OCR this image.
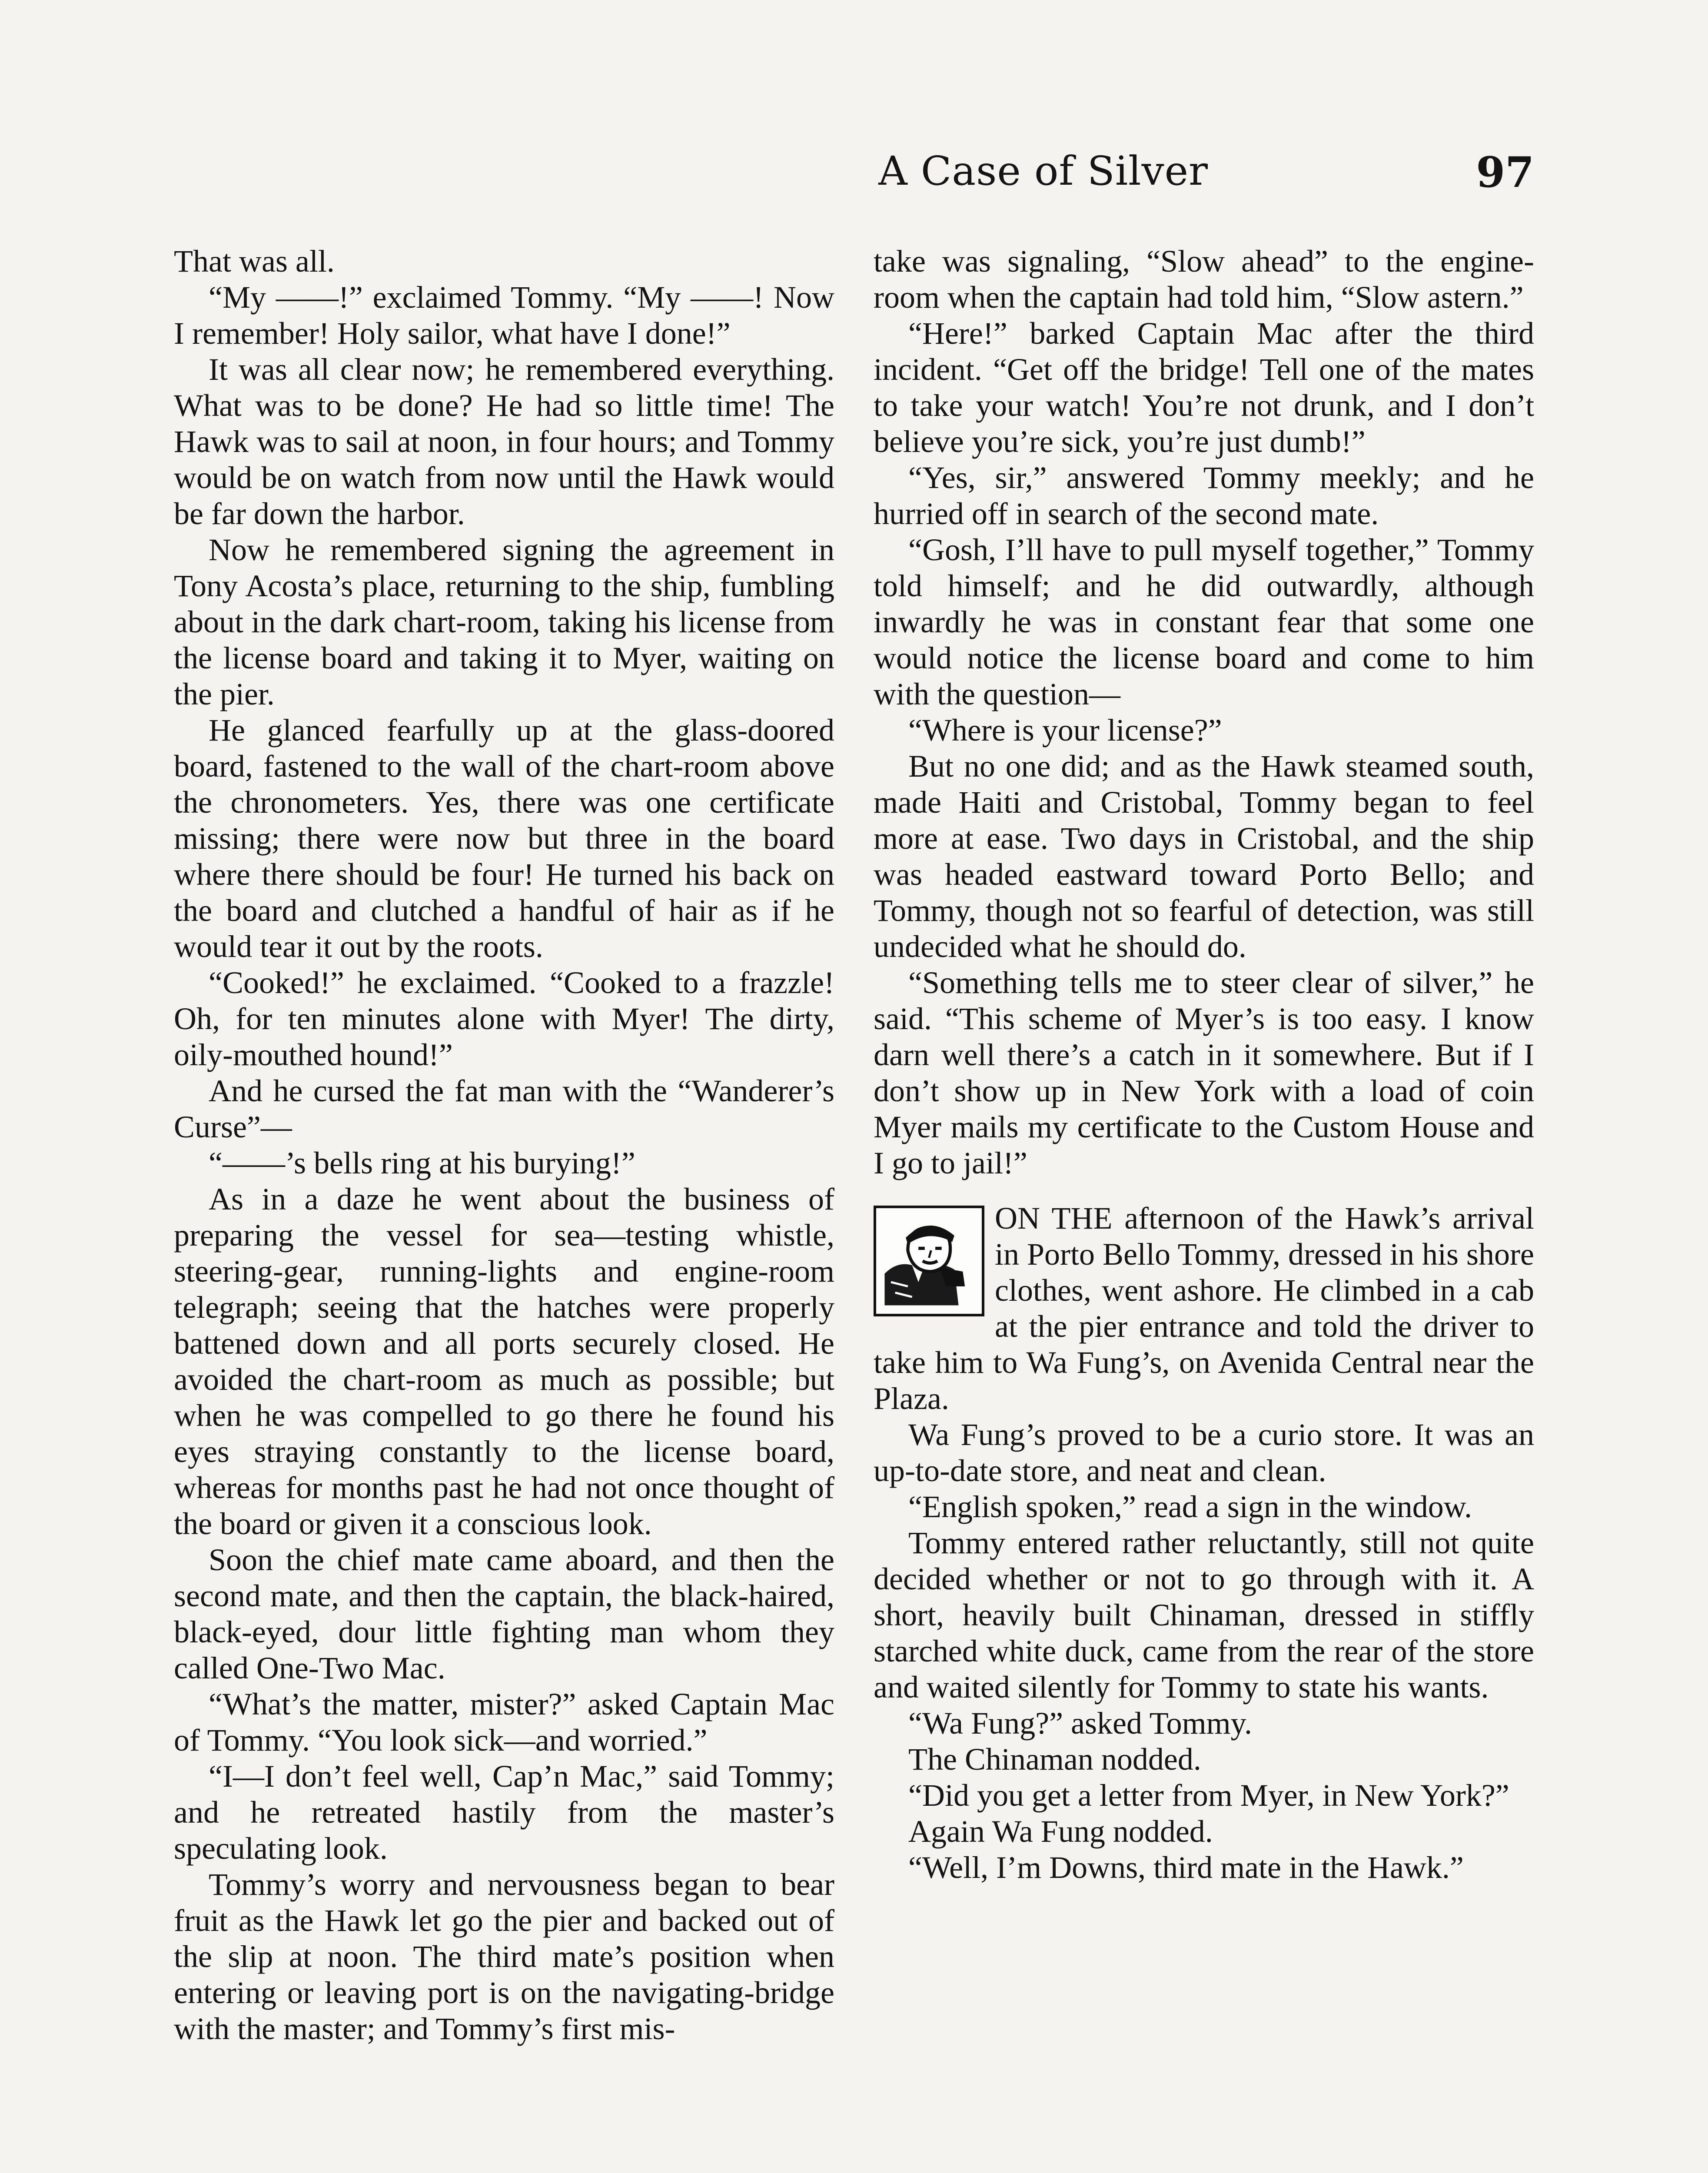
A Case of Silver	97

That was all.

“My ——!” exclaimed Tommy. “My ——! Now I remember! Holy sailor, what have I done!”

It was all clear now; he remembered everything. What was to be done? He had so little time! The Hawk was to sail at noon, in four hours; and Tommy would be on watch from now until the Hawk would be far down the harbor.

Now he remembered signing the agreement in Tony Acosta’s place, returning to the ship, fumbling about in the dark chart-room, taking his license from the license board and taking it to Myer, waiting on the pier.

He glanced fearfully up at the glass-doored board, fastened to the wall of the chart-room above the chronometers. Yes, there was one certificate missing; there were now but three in the board where there should be four! He turned his back on the board and clutched a handful of hair as if he would tear it out by the roots.

“Cooked!” he exclaimed. “Cooked to a frazzle! Oh, for ten minutes alone with Myer! The dirty, oily-mouthed hound!”

And he cursed the fat man with the “Wanderer’s Curse”—

“——’s bells ring at his burying!”

As in a daze he went about the business of preparing the vessel for sea—testing whistle, steering-gear, running-lights and engine-room telegraph; seeing that the hatches were properly battened down and all ports securely closed. He avoided the chart-room as much as possible; but when he was compelled to go there he found his eyes straying constantly to the license board, whereas for months past he had not once thought of the board or given it a conscious look.

Soon the chief mate came aboard, and then the second mate, and then the captain, the black-haired, black-eyed, dour little fighting man whom they called One-Two Mac.

“What’s the matter, mister?” asked Captain Mac of Tommy. “You look sick—and worried.”

“I—I don’t feel well, Cap’n Mac,” said Tommy; and he retreated hastily from the master’s speculating look.

Tommy’s worry and nervousness began to bear fruit as the Hawk let go the pier and backed out of the slip at noon. The third mate’s position when entering or leaving port is on the navigating-bridge with the master; and Tommy’s first mis-

take was signaling, “Slow ahead” to the engine-room when the captain had told him, “Slow astern.”

“Here!” barked Captain Mac after the third incident. “Get off the bridge! Tell one of the mates to take your watch! You’re not drunk, and I don’t believe you’re sick, you’re just dumb!”

“Yes, sir,” answered Tommy meekly; and he hurried off in search of the second mate.

“Gosh, I’ll have to pull myself together,” Tommy told himself; and he did outwardly, although inwardly he was in constant fear that some one would notice the license board and come to him with the question—

“Where is your license?”

But no one did; and as the Hawk steamed south, made Haiti and Cristobal, Tommy began to feel more at ease. Two days in Cristobal, and the ship was headed eastward toward Porto Bello; and Tommy, though not so fearful of detection, was still undecided what he should do.

“Something tells me to steer clear of silver,” he said. “This scheme of Myer’s is too easy. I know darn well there’s a catch in it somewhere. But if I don’t show up in New York with a load of coin Myer mails my certificate to the Custom House and I go to jail!”

ON THE afternoon of the Hawk’s arrival in Porto Bello Tommy, dressed in his shore clothes, went ashore. He climbed in a cab at the pier entrance and told the driver to take him to Wa Fung’s, on Avenida Central near the Plaza.

Wa Fung’s proved to be a curio store. It was an up-to-date store, and neat and clean.

“English spoken,” read a sign in the window.

Tommy entered rather reluctantly, still not quite decided whether or not to go through with it. A short, heavily built Chinaman, dressed in stiffly starched white duck, came from the rear of the store and waited silently for Tommy to state his wants.

“Wa Fung?” asked Tommy.

The Chinaman nodded.

“Did you get a letter from Myer, in New York?”

Again Wa Fung nodded.

“Well, I’m Downs, third mate in the Hawk.”
